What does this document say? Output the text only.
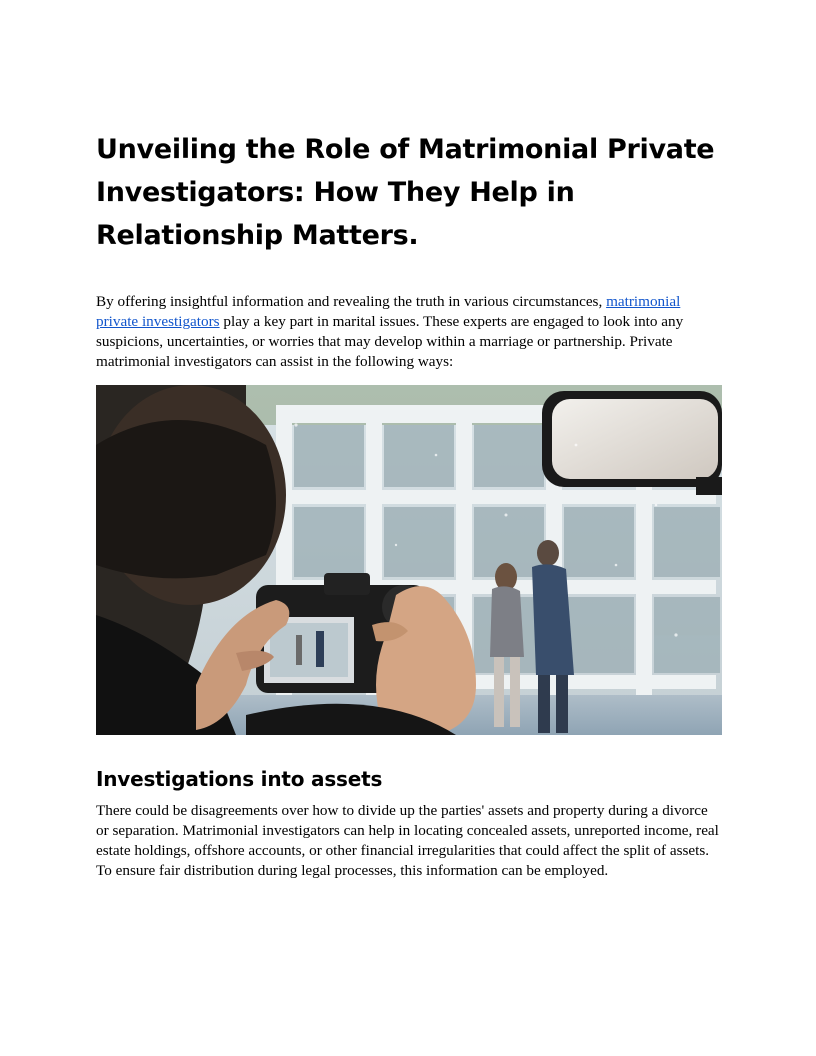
Unveiling the Role of Matrimonial Private Investigators: How They Help in Relationship Matters.

By offering insightful information and revealing the truth in various circumstances, matrimonial private investigators play a key part in marital issues. These experts are engaged to look into any suspicions, uncertainties, or worries that may develop within a marriage or partnership. Private matrimonial investigators can assist in the following ways:

Investigations into assets

There could be disagreements over how to divide up the parties' assets and property during a divorce or separation. Matrimonial investigators can help in locating concealed assets, unreported income, real estate holdings, offshore accounts, or other financial irregularities that could affect the split of assets. To ensure fair distribution during legal processes, this information can be employed.
